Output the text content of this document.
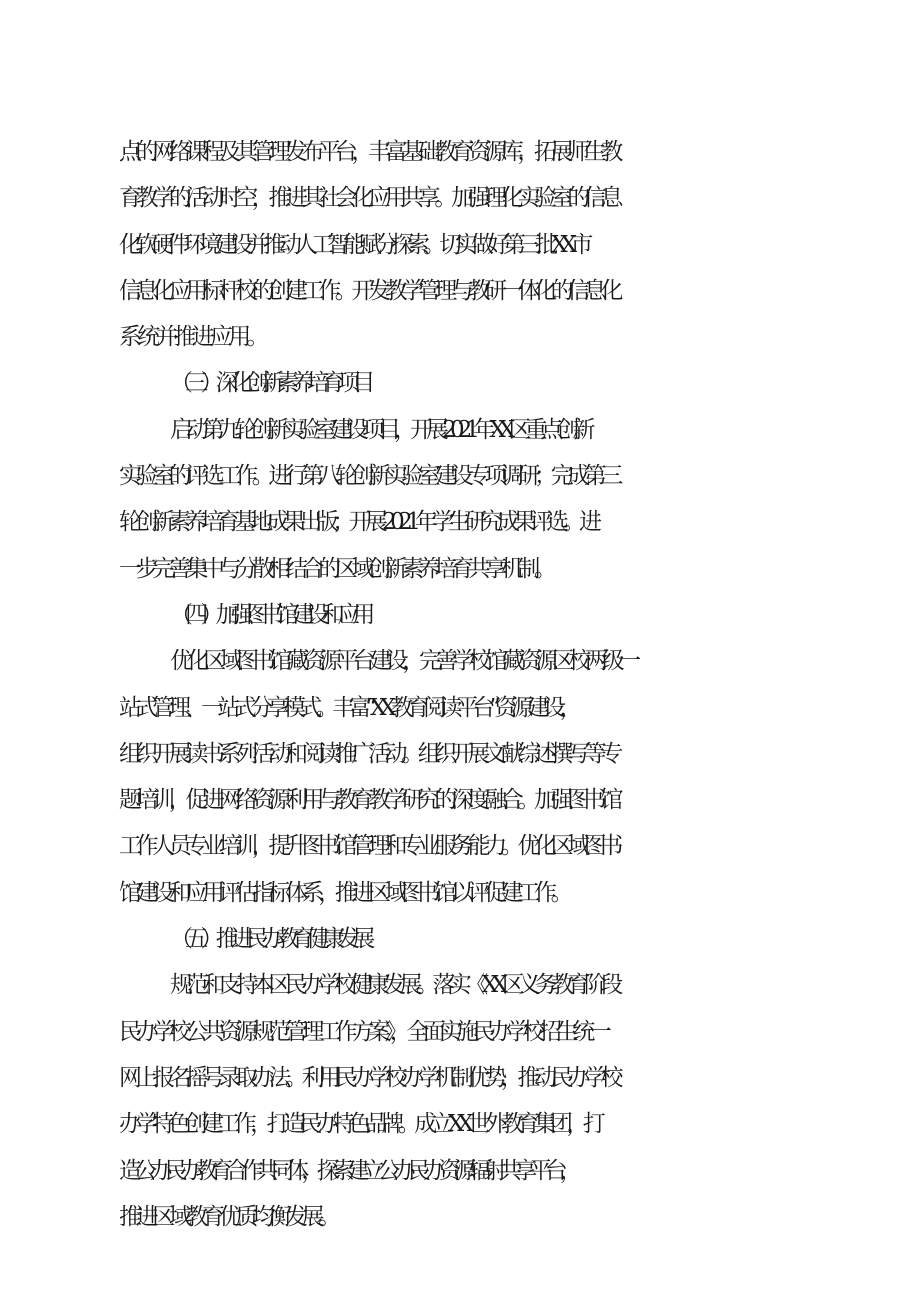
点的网络课程及其管理发布平台，丰富基础教育资源库，拓展师生教
育教学的活动时空，推进其社会化应用共享。加强理化实验室的信息
化软硬件环境建设并推动人工智能赋分探索。切实做好第三批 XX 市
信息化应用标杆校的创建工作。开发教学管理与教研一体化的信息化
系统并推进应用。
（三）深化创新素养培育项目
启动第九轮创新实验室建设项目，开展 2021 年 XX 区重点创新
实验室的评选工作。进行第八轮创新实验室建设专项调研；完成第三
轮创新素养培育基地成果出版；开展 2021 年学生研究成果评选。进
一步完善集中与分散相结合的区域创新素养培育共享机制。
（四）加强图书馆建设和应用
优化区域图书馆藏资源平台建设，完善学校馆藏资源区校两级一
站式管理、一站式分享模式。丰富“XX 教育阅读平台”资源建设，
组织开展读书系列活动和阅读推广活动。组织开展文献综述撰写等专
题培训，促进网络资源利用与教育教学研究的深度融合。加强图书馆
工作人员专业培训，提升图书馆管理和专业服务能力。优化区域图书
馆建设和应用评估指标体系，推进区域图书馆以评促建工作。
（五）推进民办教育健康发展
规范和支持本区民办学校健康发展。落实《XX 区义务教育阶段
民办学校公共资源规范管理工作方案》，全面实施民办学校招生统一
网上报名摇号录取办法。利用民办学校办学机制优势，推动民办学校
办学特色创建工作，打造民办特色品牌。成立 XX 世外教育集团，打
造公办民办教育合作共同体，探索建立公办民办资源辐射共享平台，
推进区域教育优质均衡发展。
